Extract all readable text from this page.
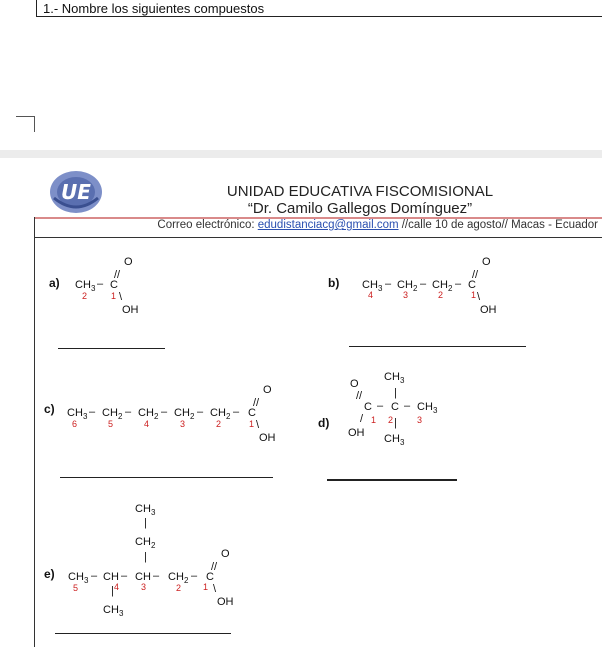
1.- Nombre los siguientes compuestos
UE	UNIDAD EDUCATIVA FISCOMISIONAL
“Dr. Camilo Gallegos Domínguez”
Correo electrónico: edudistanciacg@gmail.com //calle 10 de agosto// Macas - Ecuador
a) CH 3 – C
O
//
\
OH
2	1
b) CH 3 – CH 2 – CH 2 – C
O
//
\
OH
4	3	2	1
c) CH 3 – CH 2 – CH 2 – CH 2 – CH 2 – C
O
//
\
OH
6	5	4	3	2	1	d)
CH 3
|
O
//
C – C – CH 3
/
OH
|
CH 3
1 2	3
e)
CH 3
|
CH 2
|
CH 3 – CH – CH – CH 2 – C
O
//
\
OH
|
CH 3
5	4 3	2 1
